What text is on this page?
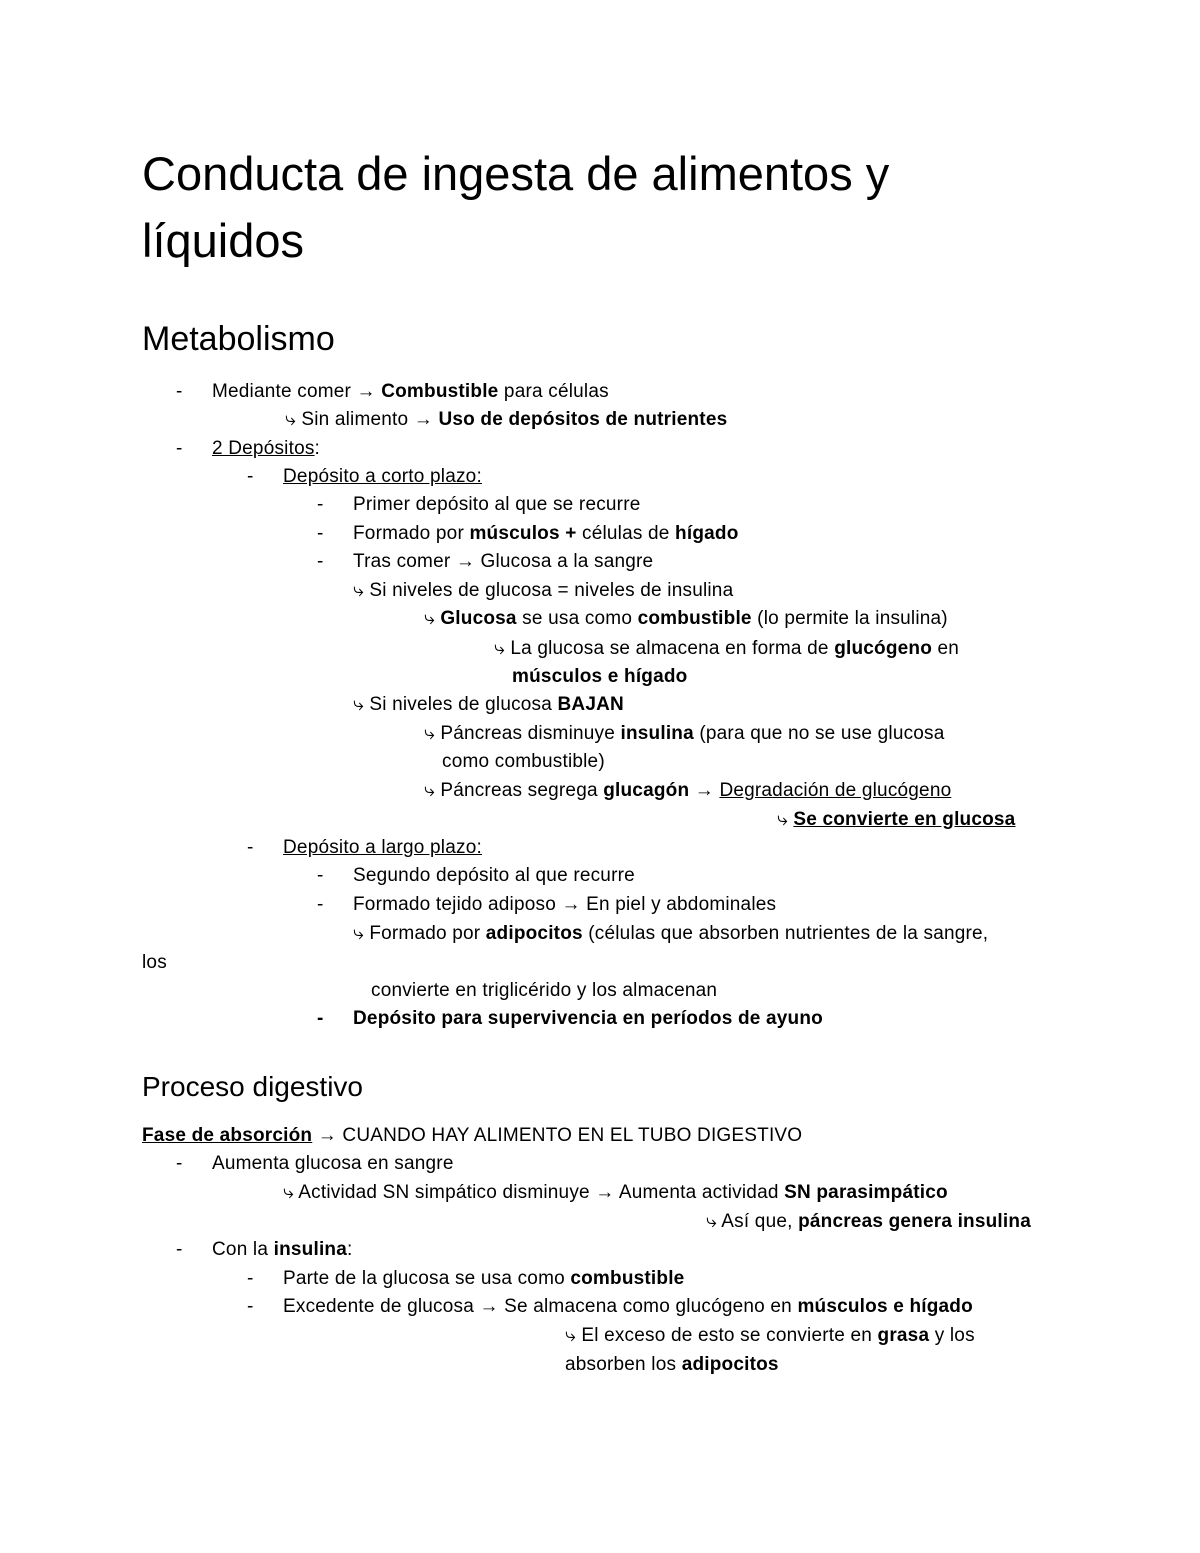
Conducta de ingesta de alimentos y
líquidos
Metabolismo
- Mediante comer → Combustible para células
⤷ Sin alimento → Uso de depósitos de nutrientes
- 2 Depósitos:
- Depósito a corto plazo:
- Primer depósito al que se recurre
- Formado por músculos + células de hígado
- Tras comer → Glucosa a la sangre
⤷ Si niveles de glucosa = niveles de insulina
⤷ Glucosa se usa como combustible (lo permite la insulina)
⤷ La glucosa se almacena en forma de glucógeno en
músculos e hígado
⤷ Si niveles de glucosa BAJAN
⤷ Páncreas disminuye insulina (para que no se use glucosa
como combustible)
⤷ Páncreas segrega glucagón → Degradación de glucógeno
⤷ Se convierte en glucosa
- Depósito a largo plazo:
- Segundo depósito al que recurre
- Formado tejido adiposo → En piel y abdominales
⤷ Formado por adipocitos (células que absorben nutrientes de la sangre,
los
convierte en triglicérido y los almacenan
- Depósito para supervivencia en períodos de ayuno
Proceso digestivo
Fase de absorción → CUANDO HAY ALIMENTO EN EL TUBO DIGESTIVO
- Aumenta glucosa en sangre
⤷ Actividad SN simpático disminuye → Aumenta actividad SN parasimpático
⤷ Así que, páncreas genera insulina
- Con la insulina:
- Parte de la glucosa se usa como combustible
- Excedente de glucosa → Se almacena como glucógeno en músculos e hígado
⤷ El exceso de esto se convierte en grasa y los
absorben los adipocitos
